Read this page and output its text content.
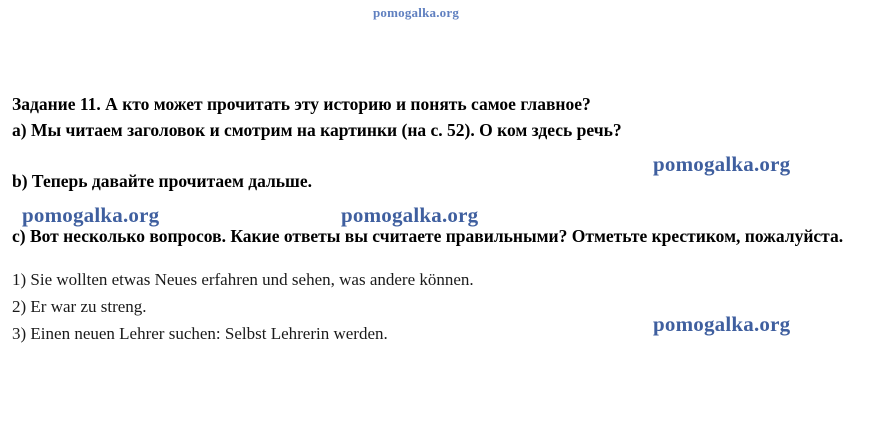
pomogalka.org
Задание 11. А кто может прочитать эту историю и понять самое главное?
а) Мы читаем заголовок и смотрим на картинки (на с. 52). О ком здесь речь?
b) Теперь давайте прочитаем дальше.
c) Вот несколько вопросов. Какие ответы вы считаете правильными? Отметьте крестиком, пожалуйста.
1) Sie wollten etwas Neues erfahren und sehen, was andere können.
2) Er war zu streng.
3) Einen neuen Lehrer suchen: Selbst Lehrerin werden.
pomogalka.org
pomogalka.org	pomogalka.org
pomogalka.org
